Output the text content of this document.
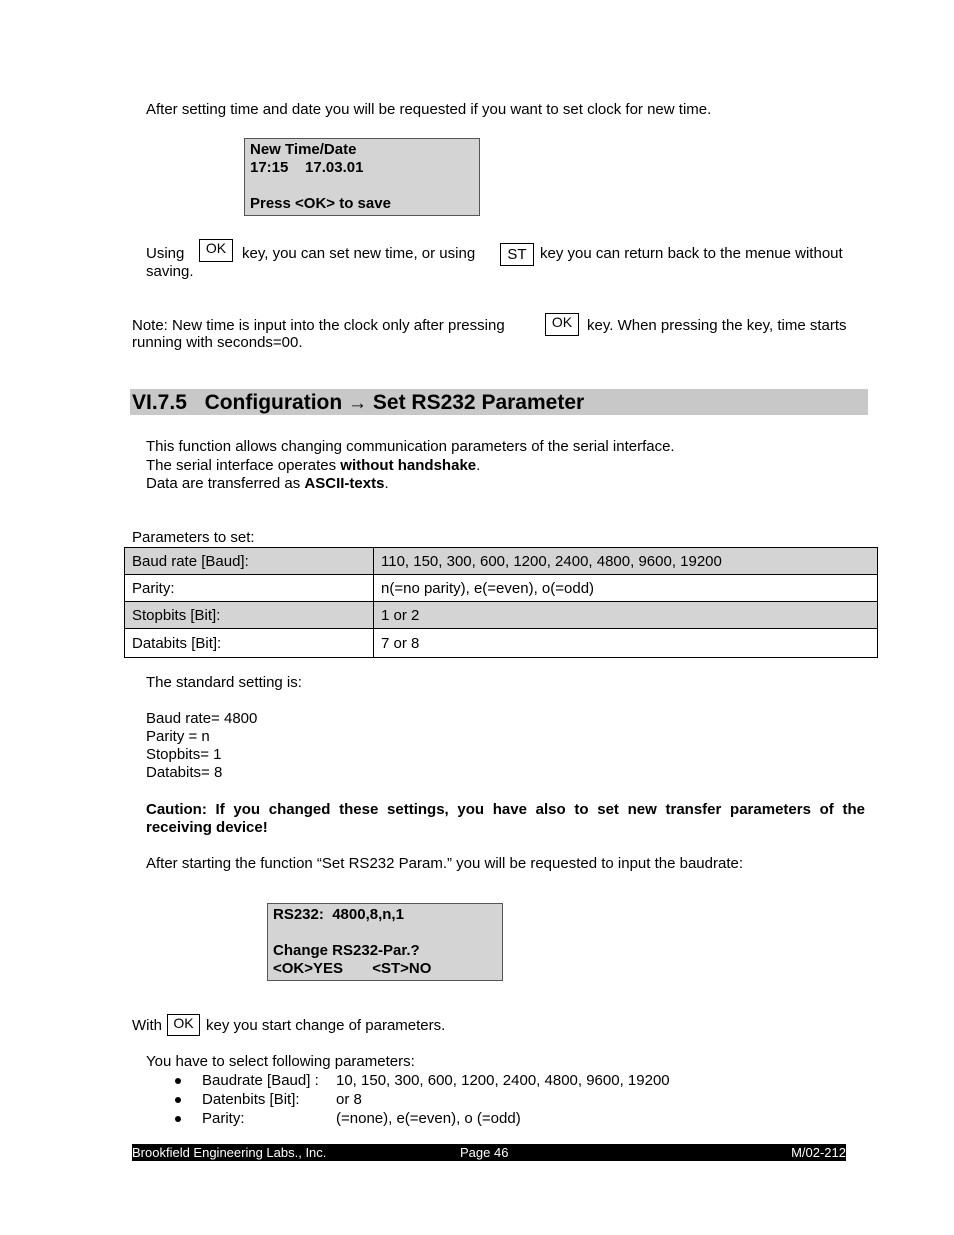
After setting time and date you will be requested if you want to set clock for new time.
New Time/Date
17:15    17.03.01
Press <OK> to save
Using	OK	key, you can set new time, or using	ST key you can return back to the menue without
saving.
Note: New time is input into the clock only after pressing	OK key. When pressing the key, time starts
running with seconds=00.
VI.7.5 Configuration → Set RS232 Parameter
This function allows changing communication parameters of the serial interface.
The serial interface operates without handshake.
Data are transferred as ASCII-texts.
Parameters to set:
Baud rate [Baud]:	110, 150, 300, 600, 1200, 2400, 4800, 9600, 19200
Parity:	n(=no parity), e(=even), o(=odd)
Stopbits [Bit]:	1 or 2
Databits [Bit]:	7 or 8
The standard setting is:
Baud rate= 4800
Parity = n
Stopbits= 1
Databits= 8
Caution: If you changed these settings, you have also to set new transfer parameters of the
receiving device!
After starting the function “Set RS232 Param.” you will be requested to input the baudrate:
RS232:  4800,8,n,1
Change RS232-Par.?
<OK>YES       <ST>NO
With OK key you start change of parameters.
You have to select following parameters:
Baudrate [Baud] : 10, 150, 300, 600, 1200, 2400, 4800, 9600, 19200
Datenbits [Bit]: or 8
Parity:	(=none), e(=even), o (=odd)
Brookfield Engineering Labs., Inc.	Page 46	M/02-212
